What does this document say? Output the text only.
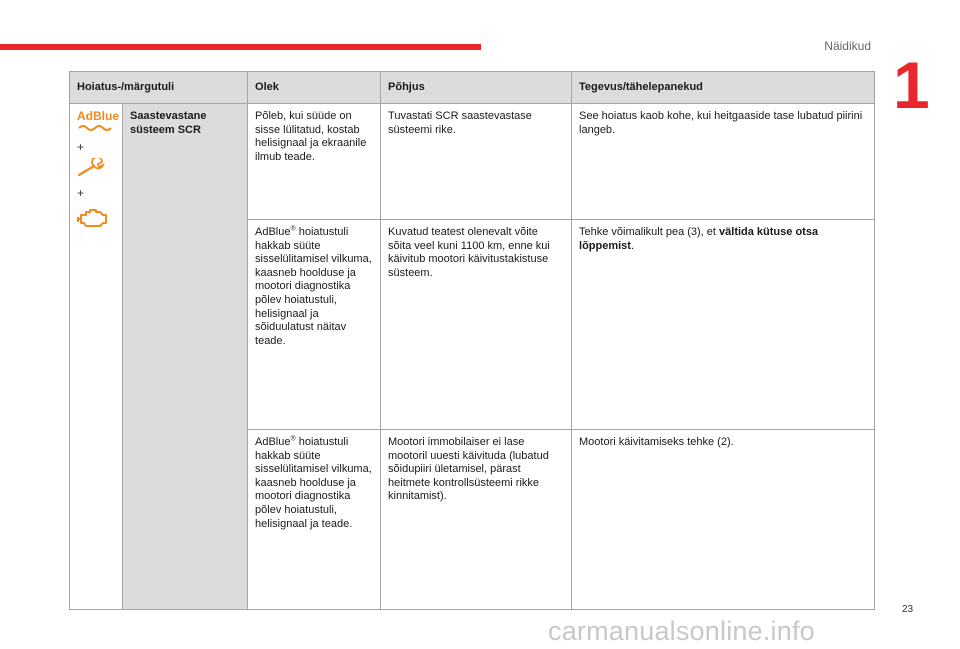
Näidikud
1
Hoiatus-/märgutuli		Olek	Põhjus	Tegevus/tähelepanekud

AdBlue
+
+	Saastevastane süsteem SCR	Põleb, kui süüde on sisse lülitatud, kostab helisignaal ja ekraanile ilmub teade.	Tuvastati SCR saastevastase süsteemi rike.	See hoiatus kaob kohe, kui heitgaaside tase lubatud piirini langeb.
		AdBlue® hoiatustuli hakkab süüte sisselülitamisel vilkuma, kaasneb hoolduse ja mootori diagnostika põlev hoiatustuli, helisignaal ja sõiduulatust näitav teade.	Kuvatud teatest olenevalt võite sõita veel kuni 1100 km, enne kui käivitub mootori käivitustakistuse süsteem.	Tehke võimalikult pea (3), et vältida kütuse otsa lõppemist.
		AdBlue® hoiatustuli hakkab süüte sisselülitamisel vilkuma, kaasneb hoolduse ja mootori diagnostika põlev hoiatustuli, helisignaal ja teade.	Mootori immobilaiser ei lase mootoril uuesti käivituda (lubatud sõidupiiri ületamisel, pärast heitmete kontrollsüsteemi rikke kinnitamist).	Mootori käivitamiseks tehke (2).
23
carmanualsonline.info
